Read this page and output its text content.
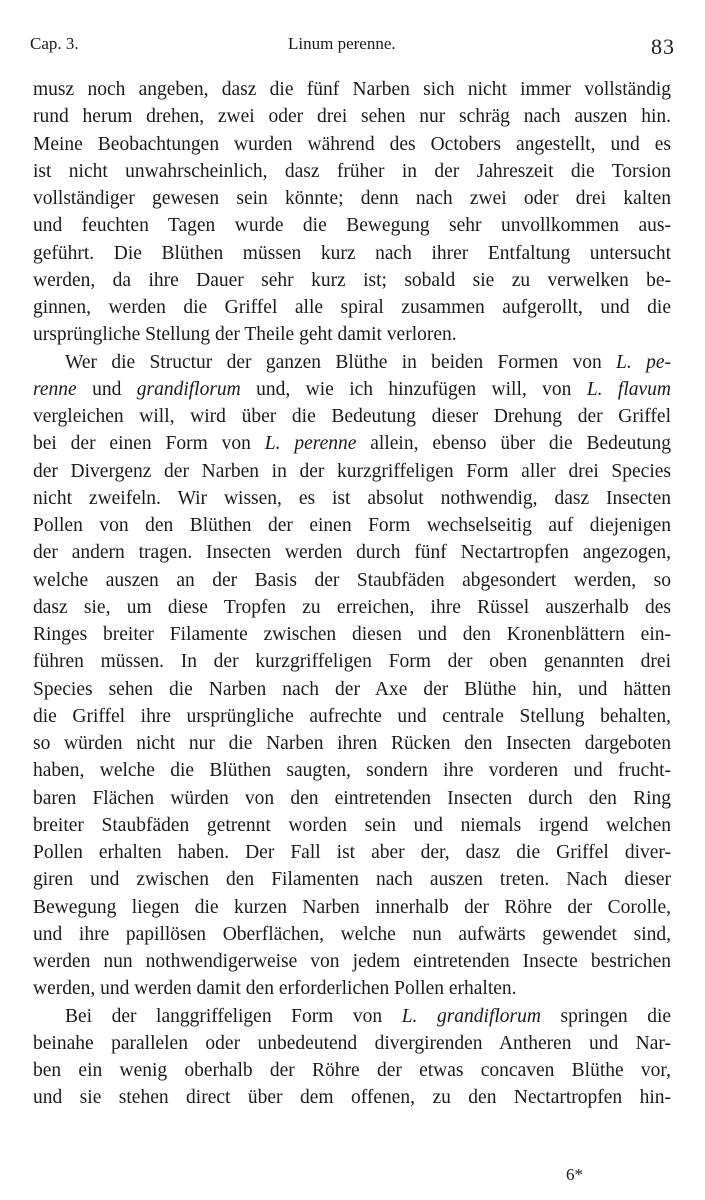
Cap. 3.	Linum perenne.	83
musz noch angeben, dasz die fünf Narben sich nicht immer vollständig
rund herum drehen, zwei oder drei sehen nur schräg nach auszen hin.
Meine Beobachtungen wurden während des Octobers angestellt, und es
ist nicht unwahrscheinlich, dasz früher in der Jahreszeit die Torsion
vollständiger gewesen sein könnte; denn nach zwei oder drei kalten
und feuchten Tagen wurde die Bewegung sehr unvollkommen aus-
geführt. Die Blüthen müssen kurz nach ihrer Entfaltung untersucht
werden, da ihre Dauer sehr kurz ist; sobald sie zu verwelken be-
ginnen, werden die Griffel alle spiral zusammen aufgerollt, und die
ursprüngliche Stellung der Theile geht damit verloren.
Wer die Structur der ganzen Blüthe in beiden Formen von L. pe-
renne und grandiflorum und, wie ich hinzufügen will, von L. flavum
vergleichen will, wird über die Bedeutung dieser Drehung der Griffel
bei der einen Form von L. perenne allein, ebenso über die Bedeutung
der Divergenz der Narben in der kurzgriffeligen Form aller drei Species
nicht zweifeln. Wir wissen, es ist absolut nothwendig, dasz Insecten
Pollen von den Blüthen der einen Form wechselseitig auf diejenigen
der andern tragen. Insecten werden durch fünf Nectartropfen angezogen,
welche auszen an der Basis der Staubfäden abgesondert werden, so
dasz sie, um diese Tropfen zu erreichen, ihre Rüssel auszerhalb des
Ringes breiter Filamente zwischen diesen und den Kronenblättern ein-
führen müssen. In der kurzgriffeligen Form der oben genannten drei
Species sehen die Narben nach der Axe der Blüthe hin, und hätten
die Griffel ihre ursprüngliche aufrechte und centrale Stellung behalten,
so würden nicht nur die Narben ihren Rücken den Insecten dargeboten
haben, welche die Blüthen saugten, sondern ihre vorderen und frucht-
baren Flächen würden von den eintretenden Insecten durch den Ring
breiter Staubfäden getrennt worden sein und niemals irgend welchen
Pollen erhalten haben. Der Fall ist aber der, dasz die Griffel diver-
giren und zwischen den Filamenten nach auszen treten. Nach dieser
Bewegung liegen die kurzen Narben innerhalb der Röhre der Corolle,
und ihre papillösen Oberflächen, welche nun aufwärts gewendet sind,
werden nun nothwendigerweise von jedem eintretenden Insecte bestrichen
werden, und werden damit den erforderlichen Pollen erhalten.
Bei der langgriffeligen Form von L. grandiflorum springen die
beinahe parallelen oder unbedeutend divergirenden Antheren und Nar-
ben ein wenig oberhalb der Röhre der etwas concaven Blüthe vor,
und sie stehen direct über dem offenen, zu den Nectartropfen hin-
6*
